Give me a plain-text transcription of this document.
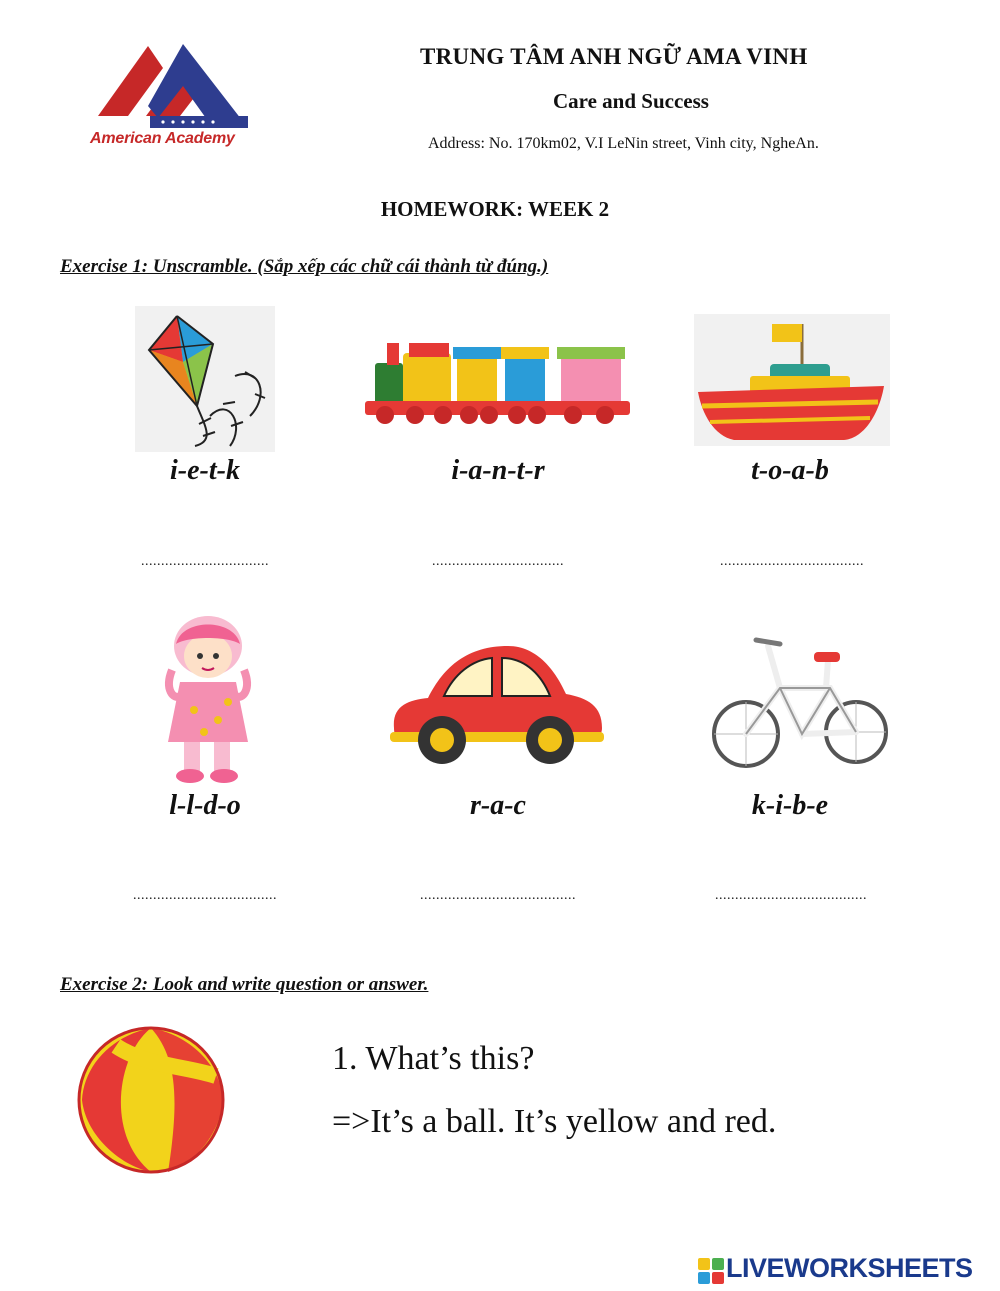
American Academy
TRUNG TÂM ANH NGỮ AMA VINH
Care and Success
Address: No. 170km02, V.I LeNin street, Vinh city, NgheAn.
HOMEWORK: WEEK 2
Exercise 1: Unscramble. (Sắp xếp các chữ cái thành từ đúng.)
i-e-t-k	i-a-n-t-r	t-o-a-b
................................	.................................	....................................
l-l-d-o	r-a-c	k-i-b-e
....................................	.......................................	......................................
Exercise 2: Look and write question or answer.
1. What’s this?
=>It’s a ball. It’s yellow and red.
LIVEWORKSHEETS
